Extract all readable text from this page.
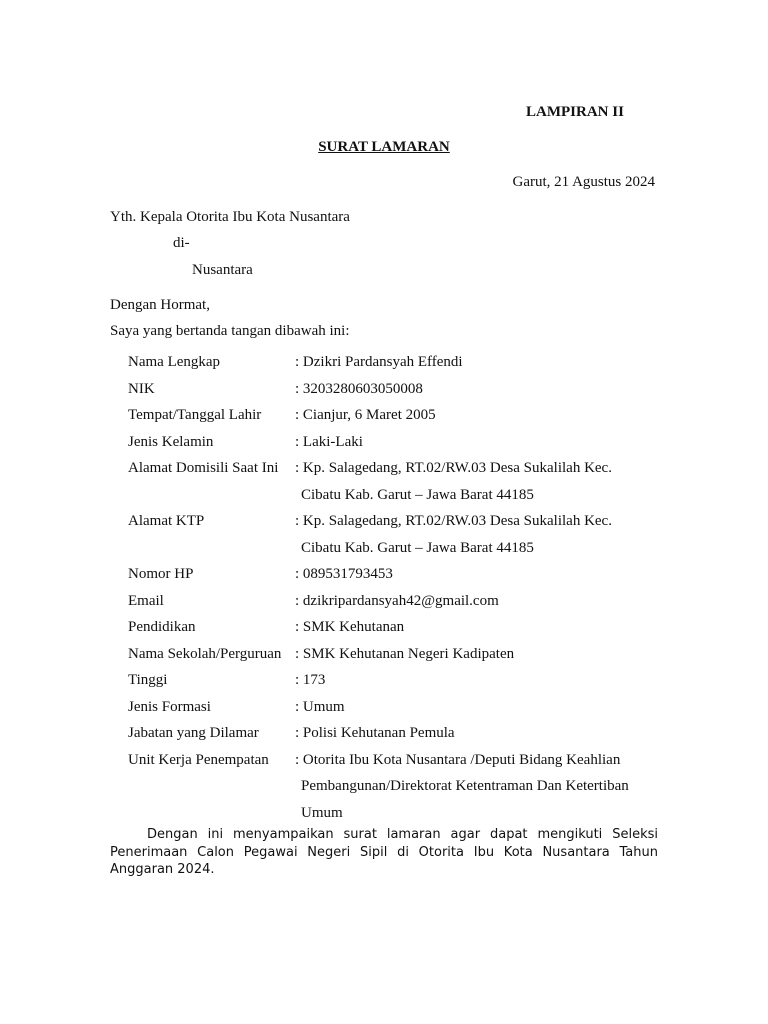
LAMPIRAN II
SURAT LAMARAN
Garut, 21 Agustus 2024
Yth. Kepala Otorita Ibu Kota Nusantara
di-
Nusantara
Dengan Hormat,
Saya yang bertanda tangan dibawah ini:
Nama Lengkap	: Dzikri Pardansyah Effendi
NIK	: 3203280603050008
Tempat/Tanggal Lahir	: Cianjur, 6 Maret 2005
Jenis Kelamin	: Laki-Laki
Alamat Domisili Saat Ini	: Kp. Salagedang, RT.02/RW.03 Desa Sukalilah Kec.
Cibatu Kab. Garut – Jawa Barat 44185
Alamat KTP	: Kp. Salagedang, RT.02/RW.03 Desa Sukalilah Kec.
Cibatu Kab. Garut – Jawa Barat 44185
Nomor HP	: 089531793453
Email	: dzikripardansyah42@gmail.com
Pendidikan	: SMK Kehutanan
Nama Sekolah/Perguruan : SMK Kehutanan Negeri Kadipaten
Tinggi	: 173
Jenis Formasi	: Umum
Jabatan yang Dilamar	: Polisi Kehutanan Pemula
Unit Kerja Penempatan	: Otorita Ibu Kota Nusantara /Deputi Bidang Keahlian
Pembangunan/Direktorat Ketentraman Dan Ketertiban
Umum
Dengan ini menyampaikan surat lamaran agar dapat mengikuti Seleksi Penerimaan Calon Pegawai Negeri Sipil di Otorita Ibu Kota Nusantara Tahun Anggaran 2024.
